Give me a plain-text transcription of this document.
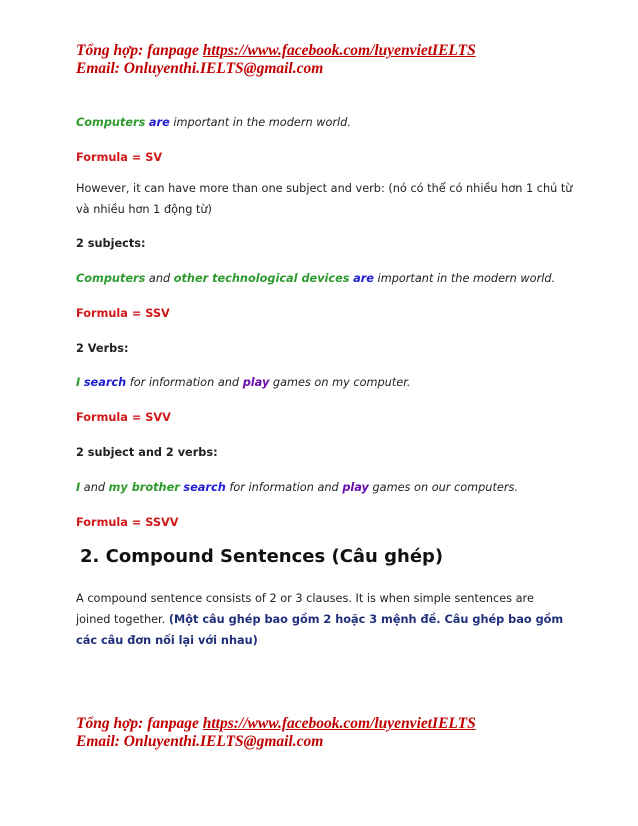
Tổng hợp: fanpage https://www.facebook.com/luyenvietIELTS
Email: Onluyenthi.IELTS@gmail.com
Computers are important in the modern world.
Formula = SV
However, it can have more than one subject and verb: (nó có thể có nhiều hơn 1 chủ từ
và nhiều hơn 1 động từ)
2 subjects:
Computers and other technological devices are important in the modern world.
Formula = SSV
2 Verbs:
I search for information and play games on my computer.
Formula = SVV
2 subject and 2 verbs:
I and my brother search for information and play games on our computers.
Formula = SSVV
2. Compound Sentences (Câu ghép)
A compound sentence consists of 2 or 3 clauses. It is when simple sentences are joined together. (Một câu ghép bao gồm 2 hoặc 3 mệnh đề. Câu ghép bao gồm các câu đơn nối lại với nhau)
Tổng hợp: fanpage https://www.facebook.com/luyenvietIELTS
Email: Onluyenthi.IELTS@gmail.com
